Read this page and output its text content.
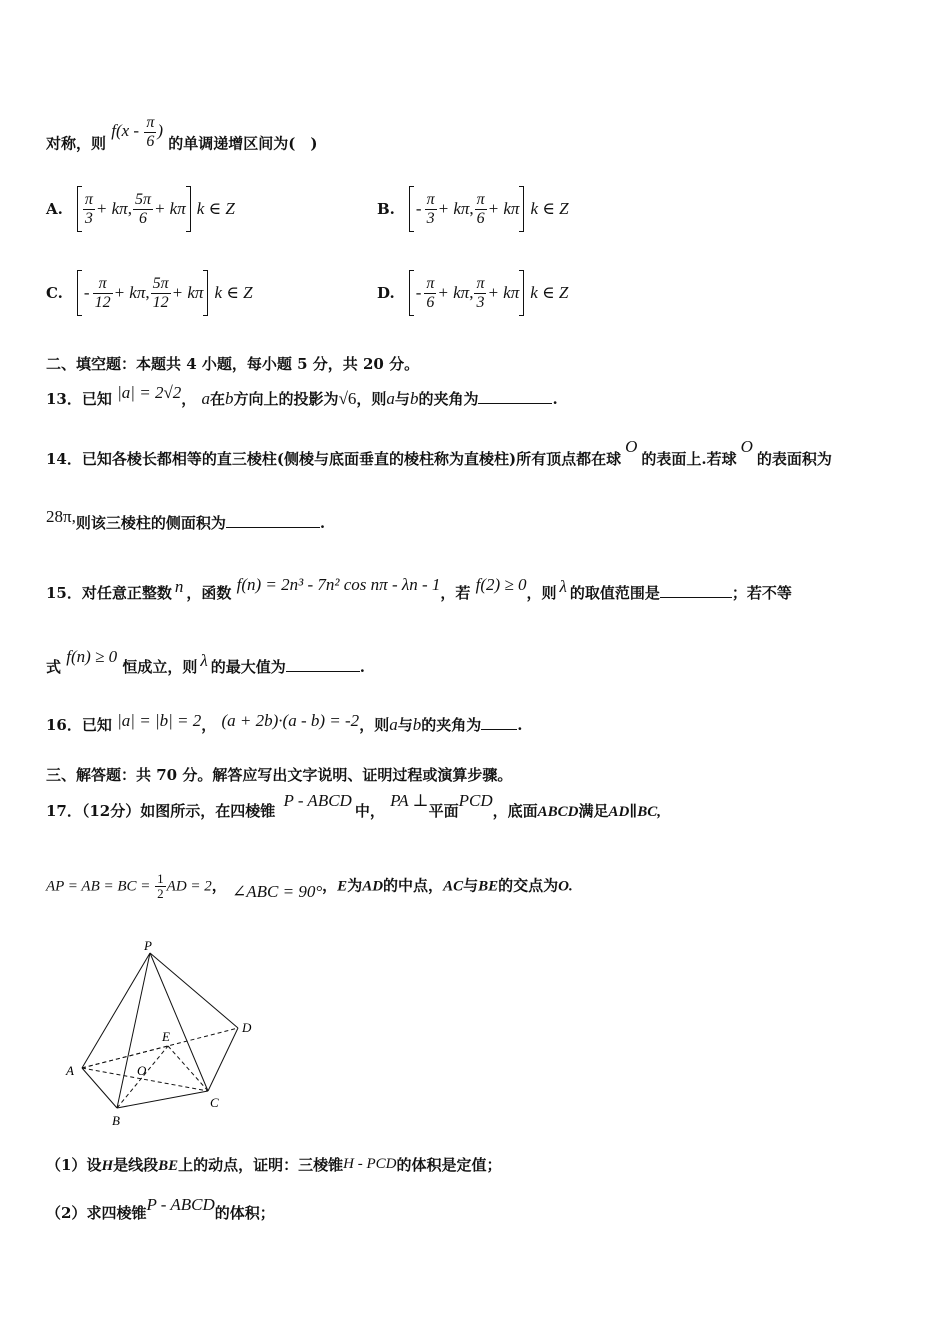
对称，则 $f(x - \frac{\pi}{6}$ ) 的单调递增区间为(　)
A. $\frac{\pi}{3} + k\pi$ , $\frac{5\pi}{6} + k\pi$ k ∈ Z	B. - $\frac{\pi}{3} + k\pi$ , $\frac{\pi}{6} + k\pi$ k ∈ Z
C. - $\frac{\pi}{12} + k\pi$ , $\frac{5\pi}{12} + k\pi$ k ∈ Z	D. - $\frac{\pi}{6} + k\pi$ , $\frac{\pi}{3} + k\pi$ k ∈ Z
二、填空题：本题共 4 小题，每小题 5 分，共 20 分。
13．已知 |a| = 2√2， a在b方向上的投影为√6，则a与b的夹角为	.
14．已知各棱长都相等的直三棱柱(侧棱与底面垂直的棱柱称为直棱柱)所有顶点都在球O的表面上.若球O的表面积为
28π,则该三棱柱的侧面积为	.
15．对任意正整数 n ，函数 f(n) = 2n³ - 7n² cos nπ - λn - 1，若 f(2) ≥ 0，则 λ 的取值范围是	；若不等
式 f(n) ≥ 0 恒成立，则 λ 的最大值为	.
16．已知 |a| = |b| = 2， (a + 2b)·(a - b) = -2，则a与b的夹角为 .
三、解答题：共 70 分。解答应写出文字说明、证明过程或演算步骤。
17．（12分）如图所示，在四棱锥 P - ABCD中， PA ⊥平面PCD，底面ABCD满足AD∥BC,
AP = AB = BC = $\frac{1}{2}$ AD = 2， ∠ABC = 90°，E为AD的中点，AC与BE的交点为O.
P
A
B
C
D
E
O
（1）设H是线段BE上的动点，证明：三棱锥H - PCD的体积是定值；
（2）求四棱锥P - ABCD的体积；
